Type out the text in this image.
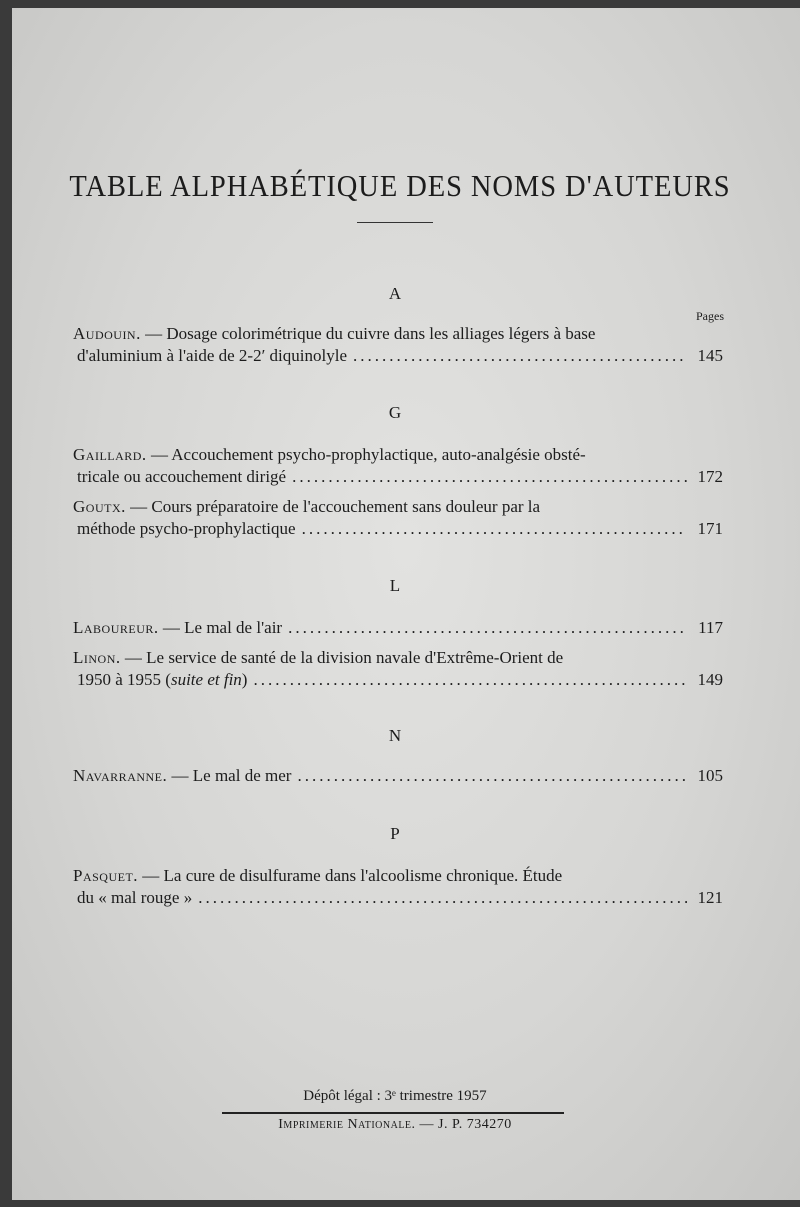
TABLE ALPHABÉTIQUE DES NOMS D'AUTEURS
A
Pages
Audouin. — Dosage colorimétrique du cuivre dans les alliages légers à base
d'aluminium à l'aide de 2-2′ diquinolyle .....	145
G
Gaillard. — Accouchement psycho-prophylactique, auto-analgésie obsté-
tricale ou accouchement dirigé .....	172
Goutx. — Cours préparatoire de l'accouchement sans douleur par la
méthode psycho-prophylactique .....	171
L
Laboureur. — Le mal de l'air .....	117
Linon. — Le service de santé de la division navale d'Extrême-Orient de
1950 à 1955 (suite et fin) .....	149
N
Navarranne. — Le mal de mer .....	105
P
Pasquet. — La cure de disulfurame dans l'alcoolisme chronique. Étude
du « mal rouge » .....	121
Dépôt légal : 3ᵉ trimestre 1957
Imprimerie Nationale. — J. P. 734270
